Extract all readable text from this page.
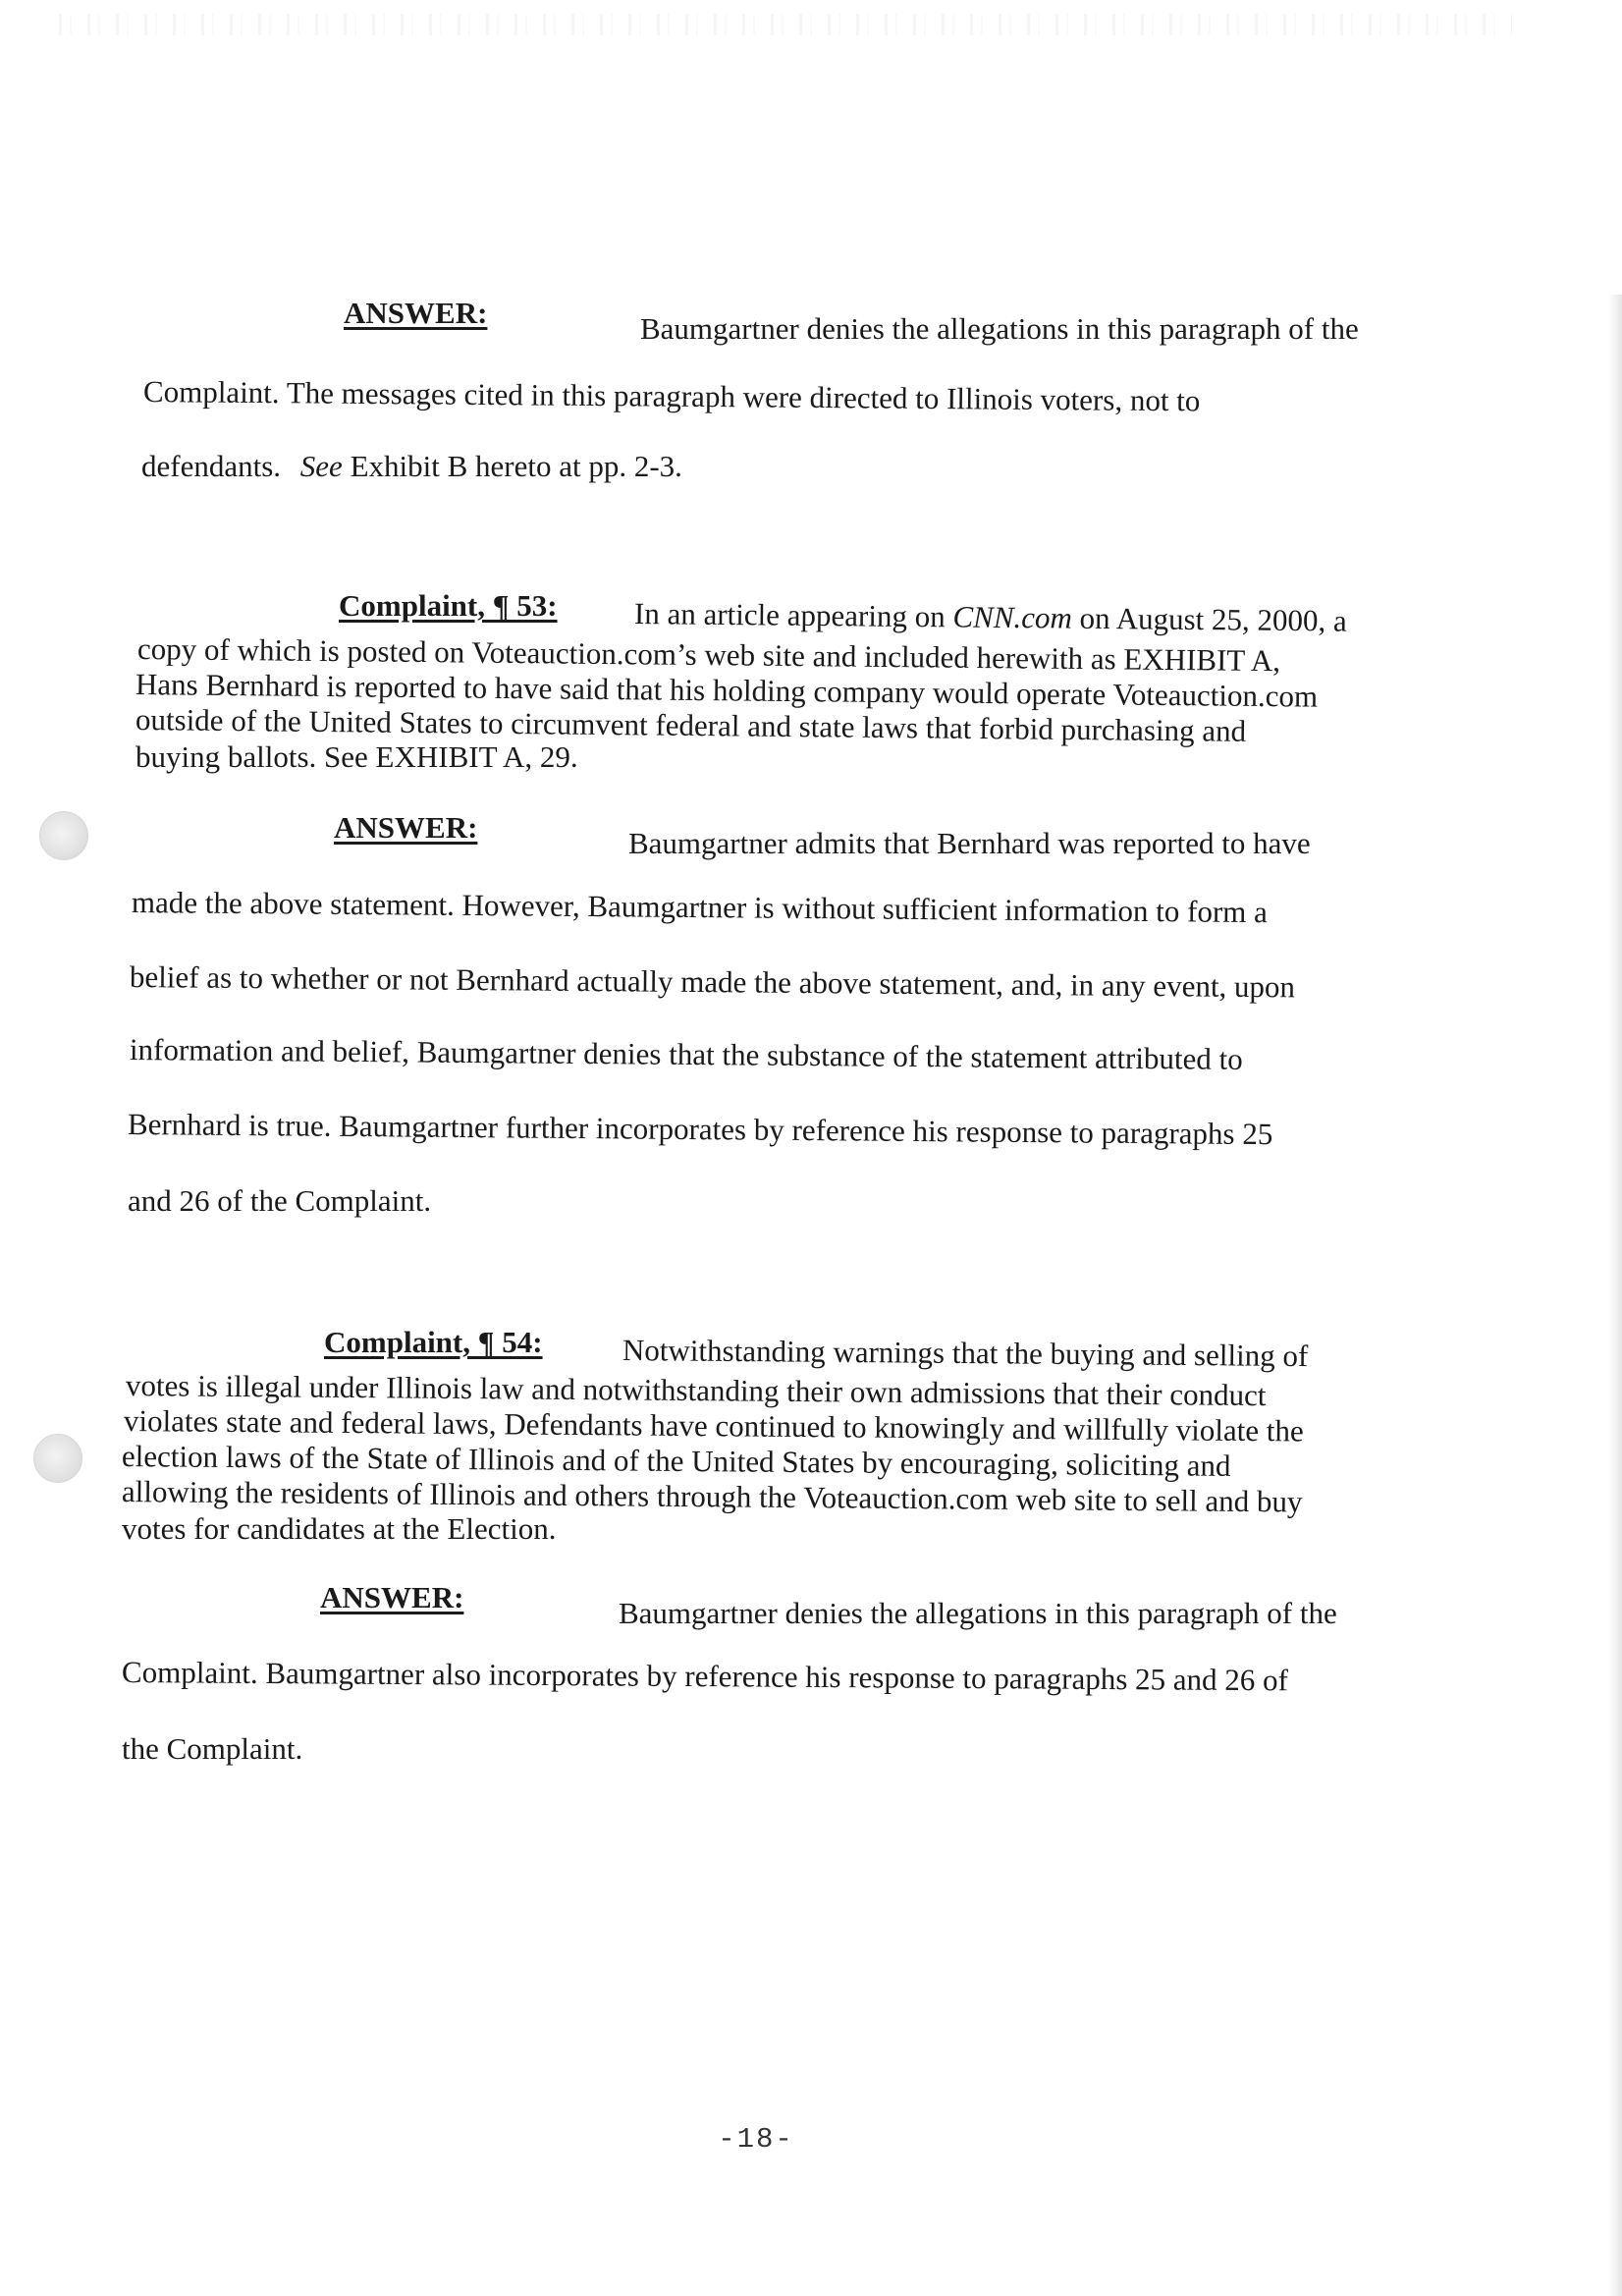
ANSWER:	Baumgartner denies the allegations in this paragraph of the
Complaint. The messages cited in this paragraph were directed to Illinois voters, not to
defendants. See Exhibit B hereto at pp. 2-3.
Complaint, ¶ 53:	In an article appearing on CNN.com on August 25, 2000, a
copy of which is posted on Voteauction.com’s web site and included herewith as EXHIBIT A,
Hans Bernhard is reported to have said that his holding company would operate Voteauction.com
outside of the United States to circumvent federal and state laws that forbid purchasing and
buying ballots. See EXHIBIT A, 29.
ANSWER:	Baumgartner admits that Bernhard was reported to have
made the above statement. However, Baumgartner is without sufficient information to form a
belief as to whether or not Bernhard actually made the above statement, and, in any event, upon
information and belief, Baumgartner denies that the substance of the statement attributed to
Bernhard is true. Baumgartner further incorporates by reference his response to paragraphs 25
and 26 of the Complaint.
Complaint, ¶ 54:	Notwithstanding warnings that the buying and selling of
votes is illegal under Illinois law and notwithstanding their own admissions that their conduct
violates state and federal laws, Defendants have continued to knowingly and willfully violate the
election laws of the State of Illinois and of the United States by encouraging, soliciting and
allowing the residents of Illinois and others through the Voteauction.com web site to sell and buy
votes for candidates at the Election.
ANSWER:	Baumgartner denies the allegations in this paragraph of the
Complaint. Baumgartner also incorporates by reference his response to paragraphs 25 and 26 of
the Complaint.
-18-
